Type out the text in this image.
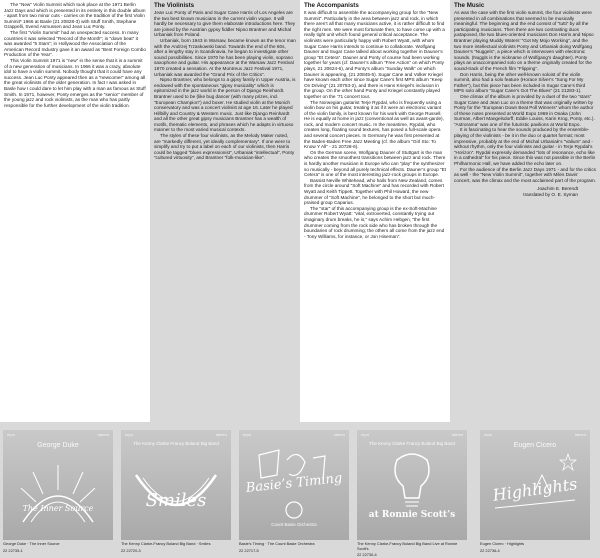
The “New” Violin Summit which took place at the 1971 Berlin Jazz Days and which is presented in its entirety in this double album - apart from two minor cuts - carries on the tradition of the first Violin Summit* 1966 at Basle (21 20828-3) with Stuff Smith, Stephane Grappelli, Svend Asmussen and Jean Luc Ponty.

The first “Violin Summit” had an unexpected success. In many countries it was selected “Record of the Month”; in “down beat” it was awarded “5 Stars”; in Hollywood the Association of the American Record Industry gave it an award as “Best Foreign Combo Production of the Year”.

This Violin Summit 1971 is “new” in the sense that it is a summit of a new generation of musicians. In 1966 it was a crazy, absolute idol to have a violin summit. Nobody thought that it could have any success. Jean Luc Ponty appeared then as a “newcomer” among all the great violinists of the older generation. In fact I was asked in Basle how I could dare to let him play with a man as famous as Stuff Smith. In 1971, however, Ponty emerges as the “senior” member of the young jazz and rock violinists, as the man who has partly responsible for the further development of the violin tradition.

The Violinists

Jean Luc Ponty of Paris and Sugar Cane Harris of Los Angeles are the two best known musicians in the current violin vogue. It will hardly be necessary to give them elaborate introductions here. They are joined by the Austrian gypsy fiddler Nipso Brantner and Michal Urbaniak from Poland.

Urbaniak, born 1943 in Warsaw, became known as the tenor man with the Andrzej Trzaskowski band. Towards the end of the 60s, after a lengthy stay in Scandinavia, he began to investigate other sound possibilities. Since 1970 he has been playing violin, soprano saxophone and guitar. His appearance at the Warsaw Jazz Festival 1970 created a sensation. At the Montreux Jazz Festival 1971, Urbaniak was awarded the “Grand Prix of the Critics”.

Nipso Brantner, who belongs to a gipsy family in Upper Austria, is endowed with the spontaneous “gipsy musicality” which is epitomized in the jazz world in the person of Django Reinhardt. Brantner used to be (like bug dancer (with many prizes, incl. “European Champion”) and boxer. He studied violin at the Munich conservatory and was a concert violinist at age 16. Later he played Hillbilly and Country & Western music. Just like Django Reinhardt and all the other great gipsy musicians Brantner has a wealth of motifs, thematic elements, and phrases which he adapts in virtuoso manner to the most varied musical contexts.

The styles of these four violinists, as the Melody Maker noted, are “markedly different, yet ideally complementary”. If one were to simplify and try to put a label on each of our violinists, then Harris could be tagged “blues expressionist”, Urbaniak “intellectual”, Ponty “cultured virtuosity”, and Brantner “folk-musician-like”.

The Accompanists

It was difficult to assemble the accompanying group for the “New Summit”. Particularly in the area between jazz and rock, in which there aren’t all that many musicians active, it is rather difficult to find the right men. We were most fortunate then, to have come up with a really tight unit which found general critical acceptance. The violinists were particularly happy with Robert Wyatt, with whom Sugar Cane Harris intends to continue to collaborate. Wolfgang Dauner and Sugar Cane talked about working together in Dauner’s group “Et Cetera”. Dauner and Ponty of course had been working together for years (cf. Dauner’s album “Free Action” on which Ponty plays, 21 20624-6), and Ponty’s album “Sunday Walk” on which Dauner is appearing, (21 20845-5). Sugar Cane and Volker Kriegel have known each other since Sugar Cane’s first MPS album “Keep On Driving” (21 20753-2), and there is Hans Kriegel’s inclusion in the group. On the other hand Ponty and Kriegel constantly played together on the ’71 concert tour.

The Norwegian guitarist Terje Rypdal, who is frequently using a violin bow on his guitar, treating it as if it were an electronic variant of the violin family, is best known for his work with George Russell. He is equally at home in jazz (conventional as well as avant-garde), rock, and modern concert music. In the meantime, Rypdal, who creates long, floating sound textures, has posed a full-scale opera and several concert pieces. In Germany he was first presented at the Baden-Baden Free Jazz Meeting (cf. the album “Girl Sto: To Know Y All” - 21 20728-6).

On the German scene, Wolfgang Dauner of Stuttgart is the man who creates the smoothest transitions between jazz and rock. There is hardly another musician in Europe who can “play” the synthesizer so musically - beyond all purely technical effects. Dauner’s group “Et Cetera” is one of the most interesting jazz-rock groups in Europe.

Bassist Neville Whitehead, who hails from New Zealand, comes from the circle around “Soft Machine” and has recorded with Robert Wyatt and Keith Tippett. Together with Phil Howard, the new drummer of “Soft Machine”, he belonged to the short but much-praised group Caparius.

The “star” of this accompanying group is the ex-Soft-Machine drummer Robert Wyatt: “vital, extroverted, constantly trying out imaginary drum breaks, he is,” says Achim Hebgen, “the first drummer coming from the rock side who has broken through the boundaries of rock drumming; the others all come from the jazz end - Tony Williams, for instance, or Jon Hiseman”.

The Music

As was the case with the first violin summit, the four violinists were presented in all combinations that seemed to be musically meaningful. The beginning and the end consist of “tutti” by all the participating musicians. Then there are two contrasting duos juxtaposed, the two blues-oriented musicians Don Harris and Nipso Brantner playing Muddy Waters’ “Got My Mojo Working”, and the two more intellectual violinists Ponty and Urbaniak doing Wolfgang Dauner’s “Nuggels”, a piece which is interwoven with electronic sounds. (Nuggls is the nickname of Wolfgang’s daughter). Ponty plays an unaccompanied solo on a theme originally created for the sound-track of the French film “Flipping”.

Don Harris, being the other well-known soloist of the violin summit, also had a solo feature (Horace Silver’s “Song For My Father”), but this piece has been included in Sugar Cane’s third MPS solo album “Sugar Cane’s Got The Blues” (21 21283-1).

One climax of the album is provided by a duet of the two “stars” Sugar Cane and Jean Luc on a theme that was originally written by Ponty for the “European Down Beat Poll Winners” whom the author of these notes presented at World Expo 1969 in Osaka (John Surman, Albert Mangelsdorff, Eddie Louiss, Karin Krog, Ponty, etc.). “Astrorama” was one of the futuristic pavilions at World Expo.

It is fascinating to hear the sounds produced by the ensemble-playing of the violinists - be it in the duo or quartet format; most impressive, probably at the end of Michal Urbaniak’s “Valium” and - without rhythm, only the four violinists and guitar - in Terje Rypdal’s “Horizon”. Rypdal expressly demanded “lots of resonance, echo like in a cathedral” for his piece. Since this was not possible in the Berlin Philharmonic Hall, we have added the echo later on.

For the audience of the Berlin Jazz Days 1971 - and for the critics as well - the “New Violin Summit”, together with Miles Davis’ concert, was the climax and the most acclaimed part of the program.

Joachim E. Berendt
translated by O. E. Syman
mps	stereo
George Duke
The Inner Source
George Duke · The Inner Source
22 22735-1
mps	stereo
The Kenny Clarke Francy Boland Big Band
Smiles
The Kenny Clarke-Francy Boland Big Band · Smiles
22 22720-3
mps	stereo
Basie’s Timing
Count Basie Orchestra
Basie’s Timing · The Count Basie Orchestra
22 22717-5
mps	stereo
The Kenny Clarke Francy Boland Big Band
at Ronnie Scott’s
The Kenny Clarke-Francy Boland Big Band Live at Ronnie Scott’s
22 22730-4
mps	stereo
Eugen Cicero
Highlights
Eugen Cicero · Highlights
22 22736-4
